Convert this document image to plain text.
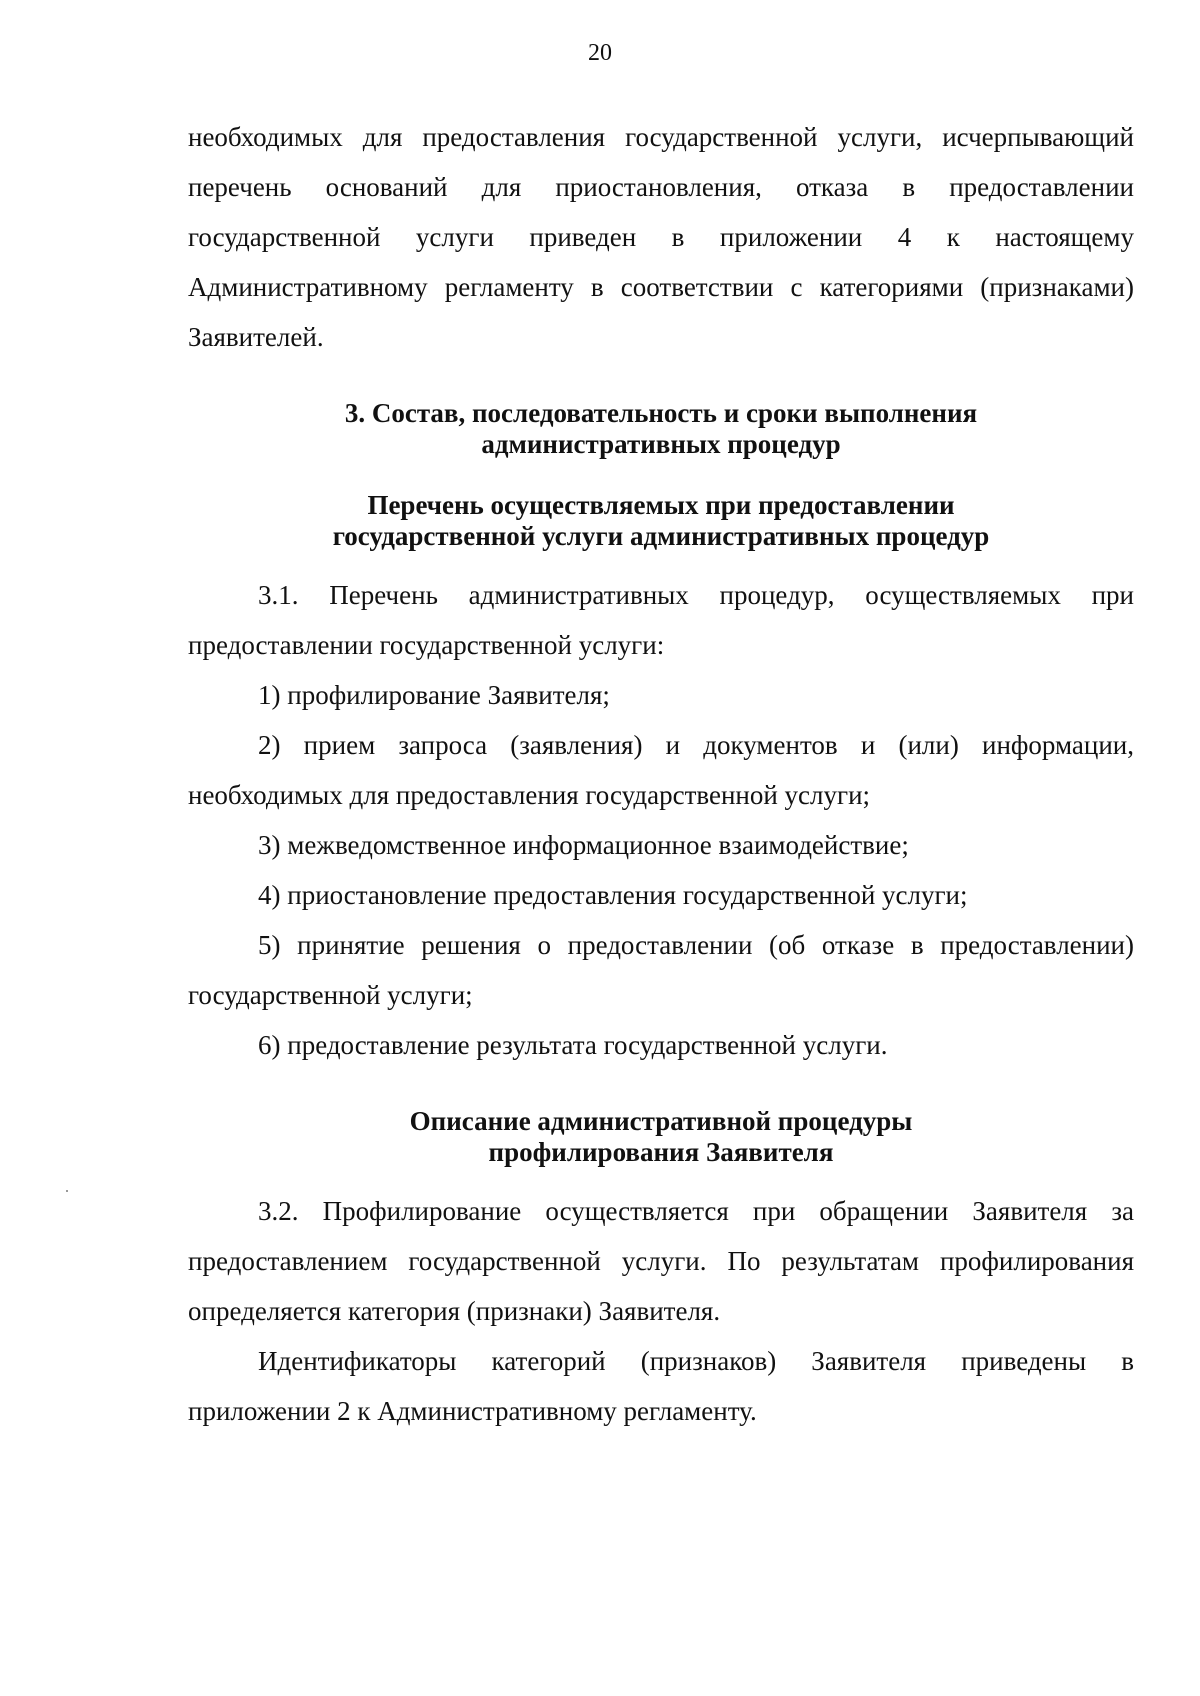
20

необходимых для предоставления государственной услуги, исчерпывающий перечень оснований для приостановления, отказа в предоставлении государственной услуги приведен в приложении 4 к настоящему Административному регламенту в соответствии с категориями (признаками) Заявителей.

3. Состав, последовательность и сроки выполнения
административных процедур
Перечень осуществляемых при предоставлении
государственной услуги административных процедур

3.1. Перечень административных процедур, осуществляемых при предоставлении государственной услуги:

1) профилирование Заявителя;

2) прием запроса (заявления) и документов и (или) информации, необходимых для предоставления государственной услуги;

3) межведомственное информационное взаимодействие;

4) приостановление предоставления государственной услуги;

5) принятие решения о предоставлении (об отказе в предоставлении) государственной услуги;

6) предоставление результата государственной услуги.

Описание административной процедуры
профилирования Заявителя

3.2. Профилирование осуществляется при обращении Заявителя за предоставлением государственной услуги. По результатам профилирования определяется категория (признаки) Заявителя.

Идентификаторы категорий (признаков) Заявителя приведены в приложении 2 к Административному регламенту.
